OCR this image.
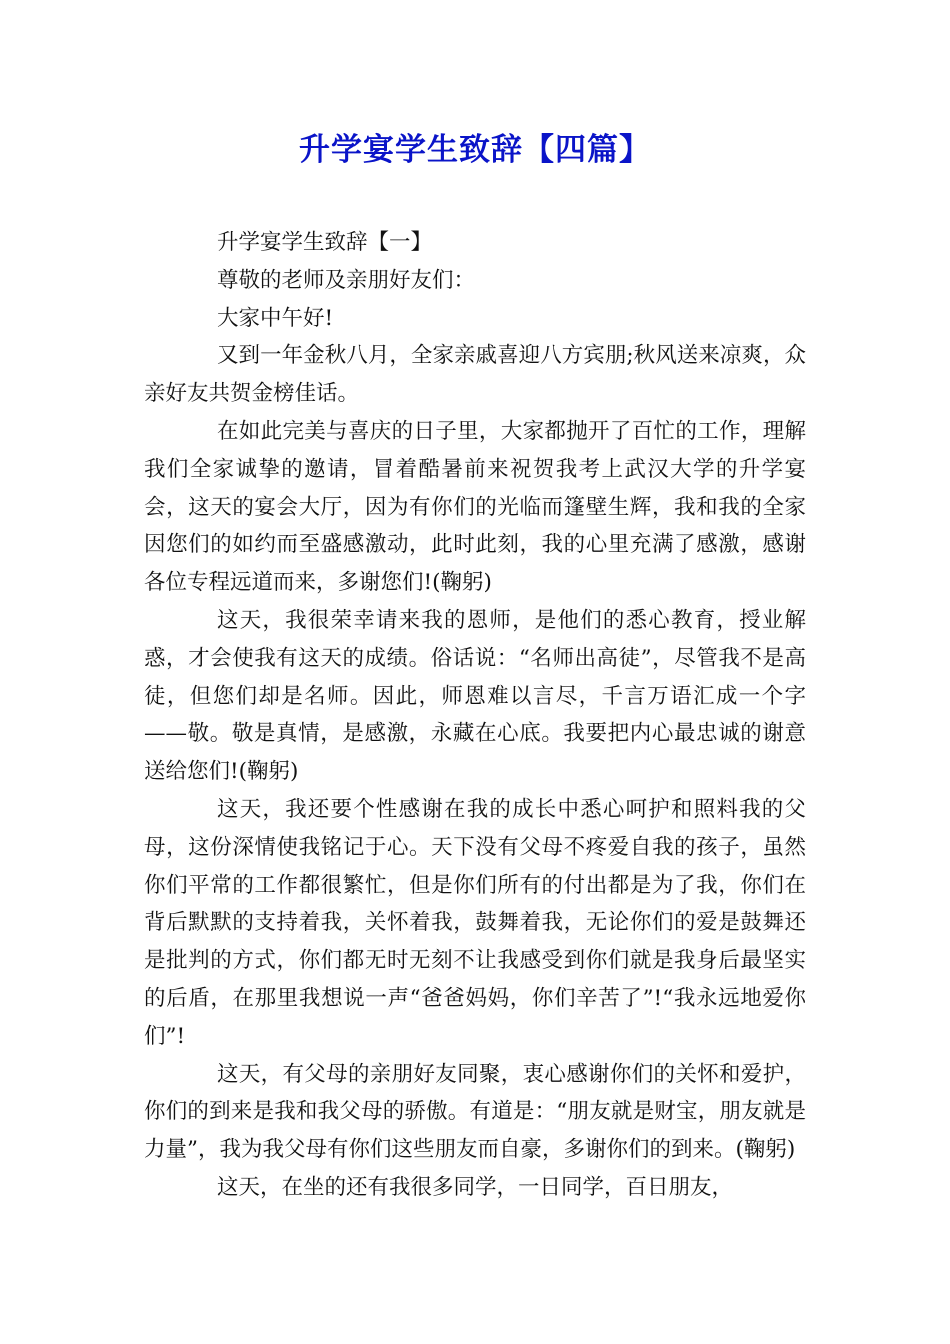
升学宴学生致辞【四篇】

升学宴学生致辞【一】

尊敬的老师及亲朋好友们：

大家中午好!

又到一年金秋八月，全家亲戚喜迎八方宾朋;秋风送来凉爽，众亲好友共贺金榜佳话。

在如此完美与喜庆的日子里，大家都抛开了百忙的工作，理解我们全家诚挚的邀请，冒着酷暑前来祝贺我考上武汉大学的升学宴会，这天的宴会大厅，因为有你们的光临而篷壁生辉，我和我的全家因您们的如约而至盛感激动，此时此刻，我的心里充满了感激，感谢各位专程远道而来，多谢您们!(鞠躬)

这天，我很荣幸请来我的恩师，是他们的悉心教育，授业解惑，才会使我有这天的成绩。俗话说：“名师出高徒”，尽管我不是高徒，但您们却是名师。因此，师恩难以言尽，千言万语汇成一个字——敬。敬是真情，是感激，永藏在心底。我要把内心最忠诚的谢意送给您们!(鞠躬)

这天，我还要个性感谢在我的成长中悉心呵护和照料我的父母，这份深情使我铭记于心。天下没有父母不疼爱自我的孩子，虽然你们平常的工作都很繁忙，但是你们所有的付出都是为了我，你们在背后默默的支持着我，关怀着我，鼓舞着我，无论你们的爱是鼓舞还是批判的方式，你们都无时无刻不让我感受到你们就是我身后最坚实的后盾，在那里我想说一声“爸爸妈妈，你们辛苦了”!“我永远地爱你们”!

这天，有父母的亲朋好友同聚，衷心感谢你们的关怀和爱护，你们的到来是我和我父母的骄傲。有道是：“朋友就是财宝，朋友就是力量”，我为我父母有你们这些朋友而自豪，多谢你们的到来。(鞠躬)

这天，在坐的还有我很多同学，一日同学，百日朋友，
